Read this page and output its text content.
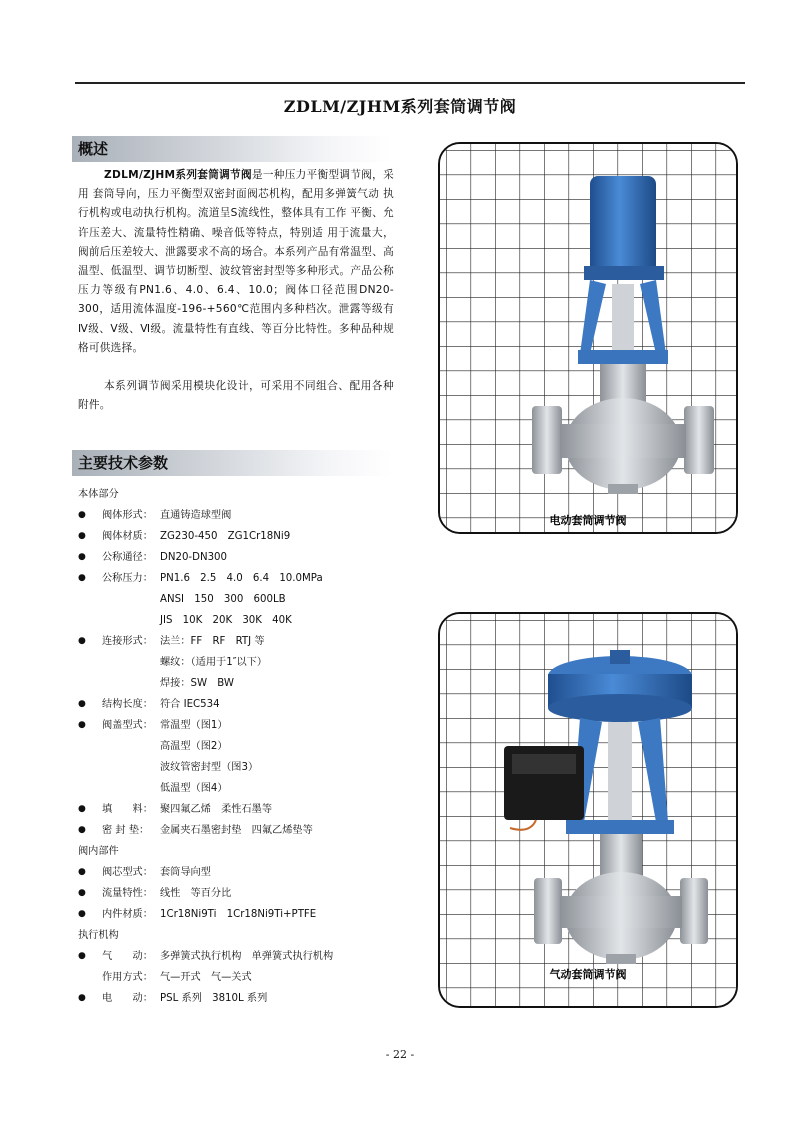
ZDLM/ZJHM系列套筒调节阀
概述

ZDLM/ZJHM系列套筒调节阀是一种压力平衡型调节阀，采用 套筒导向，压力平衡型双密封面阀芯机构，配用多弹簧气动 执行机构或电动执行机构。流道呈S流线性，整体具有工作 平衡、允许压差大、流量特性精确、噪音低等特点，特别适 用于流量大，阀前后压差较大、泄露要求不高的场合。本系列产品有常温型、高温型、低温型、调节切断型、波纹管密封型等多种形式。产品公称压力等级有PN1.6、4.0、6.4、10.0；阀体口径范围DN20-300，适用流体温度-196-+560℃范围内多种档次。泄露等级有Ⅳ级、Ⅴ级、Ⅵ级。流量特性有直线、等百分比特性。多种品种规格可供选择。

本系列调节阀采用模块化设计，可采用不同组合、配用各种附件。

主要技术参数
本体部分
● 阀体形式： 直通铸造球型阀
● 阀体材质： ZG230-450　ZG1Cr18Ni9
● 公称通径： DN20-DN300
● 公称压力： PN1.6　2.5　4.0　6.4　10.0MPa
ANSI　150　300　600LB
JIS　10K　20K　30K　40K
● 连接形式： 法兰：FF　RF　RTJ 等
螺纹：（适用于1″以下）
焊接：SW　BW
● 结构长度： 符合 IEC534
● 阀盖型式： 常温型（图1）
高温型（图2）
波纹管密封型（图3）
低温型（图4）
● 填　　料： 聚四氟乙烯　柔性石墨等
● 密 封 垫： 金属夹石墨密封垫　四氟乙烯垫等
阀内部件
● 阀芯型式： 套筒导向型
● 流量特性： 线性　等百分比
● 内件材质： 1Cr18Ni9Ti　1Cr18Ni9Ti+PTFE
执行机构
● 气　　动： 多弹簧式执行机构　单弹簧式执行机构
作用方式： 气—开式　气—关式
● 电　　动： PSL 系列　3810L 系列
电动套筒调节阀
气动套筒调节阀
- 22 -
